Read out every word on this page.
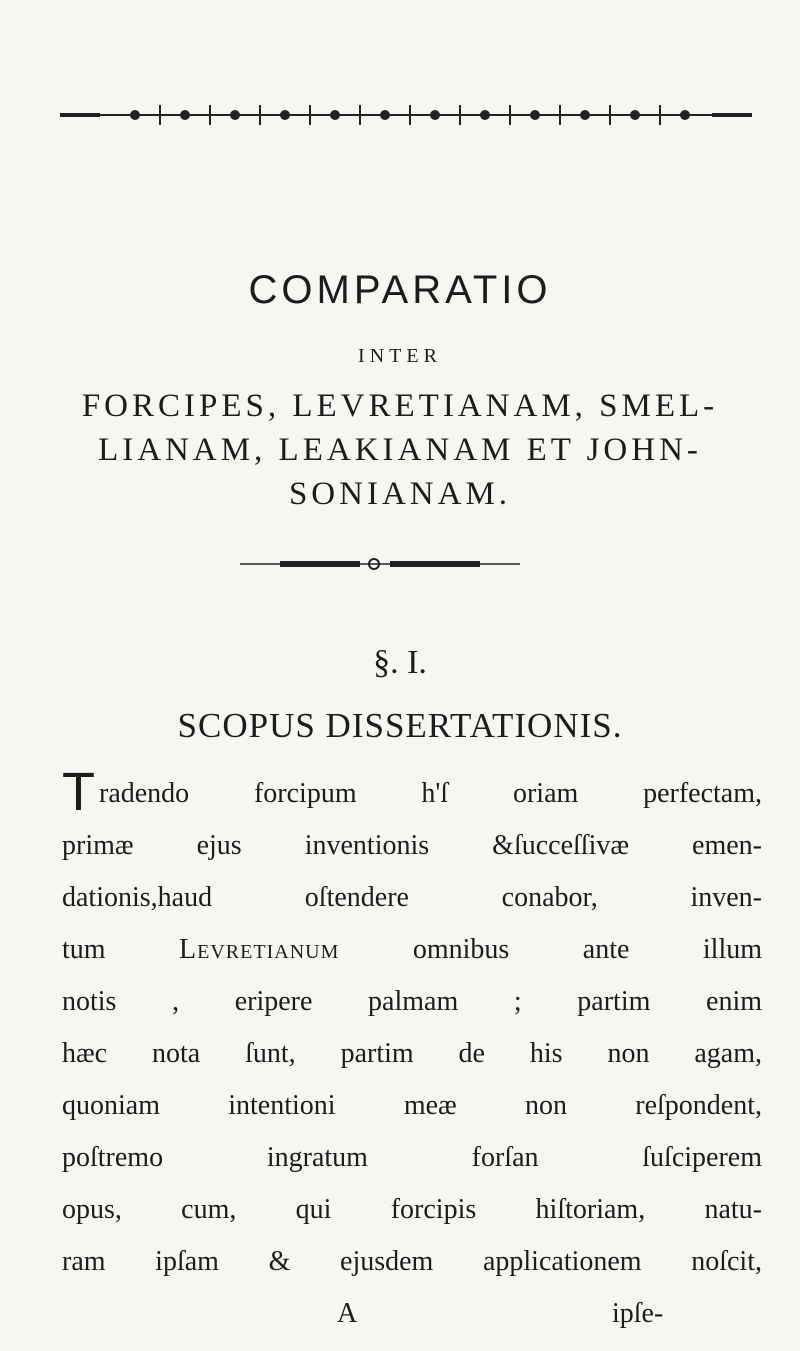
COMPARATIO
INTER
FORCIPES, LEVRETIANAM, SMEL-
LIANAM, LEAKIANAM ET JOHN-
SONIANAM.
§. I.
SCOPUS DISSERTATIONIS.
Tradendo forcipum h'ſ oriam perfectam,
primæ ejus inventionis &ſucceſſivæ emen-
dationis,haud oſtendere conabor, inven-
tum Levretianum omnibus ante illum
notis , eripere palmam ; partim enim
hæc nota ſunt, partim de his non agam,
quoniam intentioni meæ non reſpondent,
poſtremo ingratum forſan ſuſciperem
opus, cum, qui forcipis hiſtoriam, natu-
ram ipſam & ejusdem applicationem noſcit,
A	ipſe-
